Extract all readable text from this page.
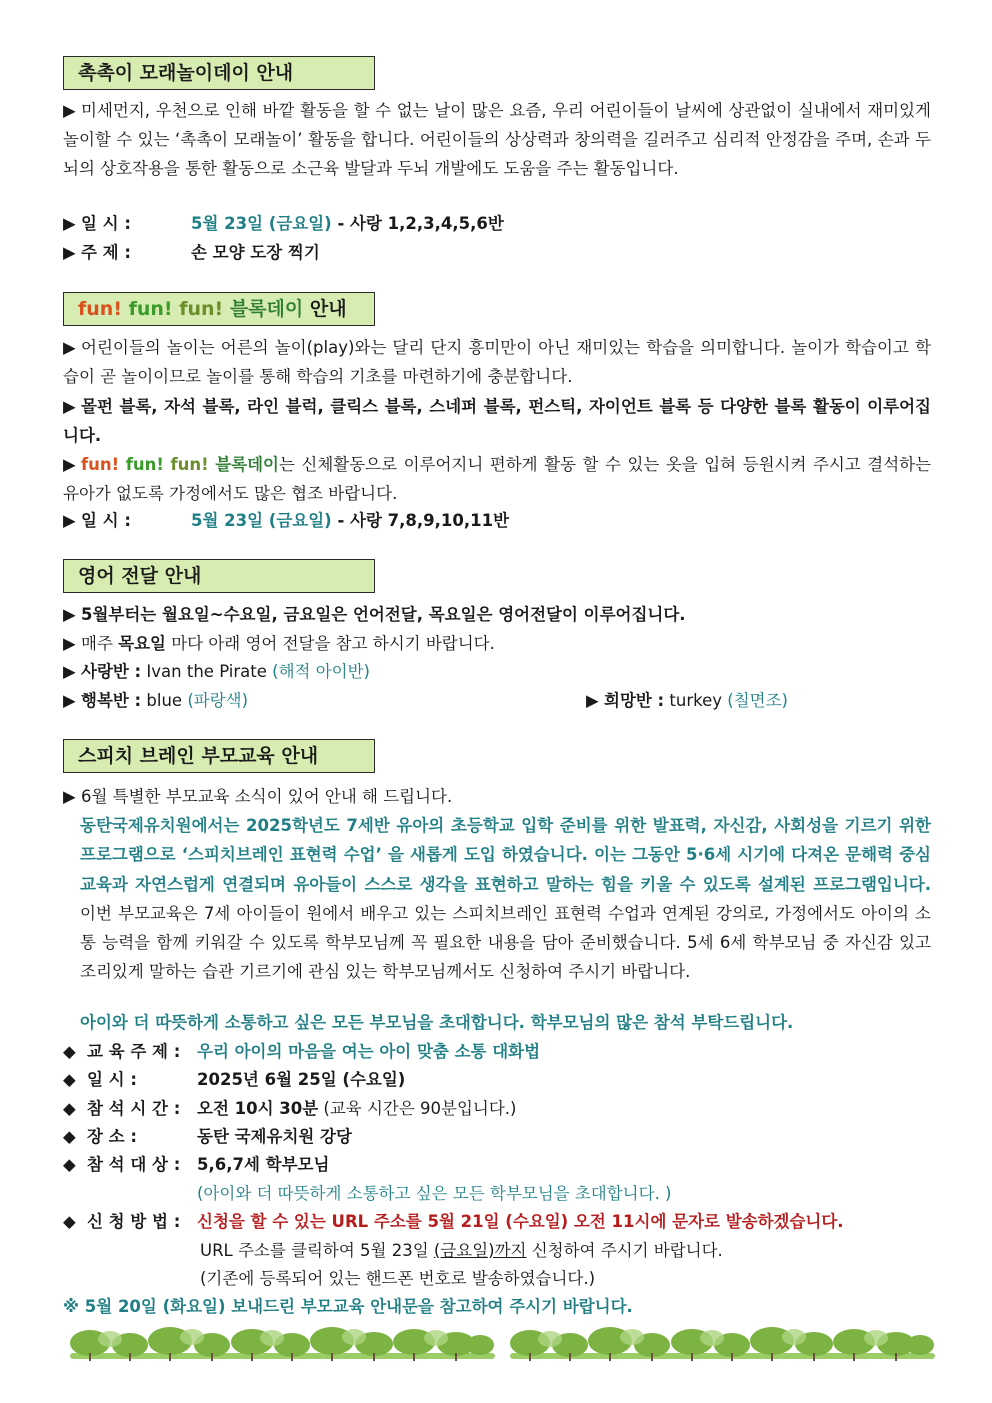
촉촉이 모래놀이데이 안내
▶ 미세먼지, 우천으로 인해 바깥 활동을 할 수 없는 날이 많은 요즘, 우리 어린이들이 날씨에 상관없이 실내에서 재미있게 놀이할 수 있는 ‘촉촉이 모래놀이’ 활동을 합니다. 어린이들의 상상력과 창의력을 길러주고 심리적 안정감을 주며, 손과 두뇌의 상호작용을 통한 활동으로 소근육 발달과 두뇌 개발에도 도움을 주는 활동입니다.
▶ 일 시 :	5월 23일 (금요일) - 사랑 1,2,3,4,5,6반
▶ 주 제 :	손 모양 도장 찍기
fun! fun! fun! 블록데이 안내
▶ 어린이들의 놀이는 어른의 놀이(play)와는 달리 단지 흥미만이 아닌 재미있는 학습을 의미합니다. 놀이가 학습이고 학습이 곧 놀이이므로 놀이를 통해 학습의 기초를 마련하기에 충분합니다.
▶ 몰펀 블록, 자석 블록, 라인 블럭, 클릭스 블록, 스네퍼 블록, 펀스틱, 자이언트 블록 등 다양한 블록 활동이 이루어집니다.
▶ fun! fun! fun! 블록데이는 신체활동으로 이루어지니 편하게 활동 할 수 있는 옷을 입혀 등원시켜 주시고 결석하는 유아가 없도록 가정에서도 많은 협조 바랍니다.
▶ 일 시 :	5월 23일 (금요일) - 사랑 7,8,9,10,11반
영어 전달 안내
▶ 5월부터는 월요일~수요일, 금요일은 언어전달, 목요일은 영어전달이 이루어집니다.
▶ 매주 목요일 마다 아래 영어 전달을 참고 하시기 바랍니다.
▶ 사랑반 : Ivan the Pirate (해적 아이반)
▶ 행복반 : blue (파랑색)	▶ 희망반 : turkey (칠면조)
스피치 브레인 부모교육 안내
▶ 6월 특별한 부모교육 소식이 있어 안내 해 드립니다.
동탄국제유치원에서는 2025학년도 7세반 유아의 초등학교 입학 준비를 위한 발표력, 자신감, 사회성을 기르기 위한 프로그램으로 ‘스피치브레인 표현력 수업’ 을 새롭게 도입 하였습니다. 이는 그동안 5·6세 시기에 다져온 문해력 중심 교육과 자연스럽게 연결되며 유아들이 스스로 생각을 표현하고 말하는 힘을 키울 수 있도록 설계된 프로그램입니다. 이번 부모교육은 7세 아이들이 원에서 배우고 있는 스피치브레인 표현력 수업과 연계된 강의로, 가정에서도 아이의 소통 능력을 함께 키워갈 수 있도록 학부모님께 꼭 필요한 내용을 담아 준비했습니다. 5세 6세 학부모님 중 자신감 있고 조리있게 말하는 습관 기르기에 관심 있는 학부모님께서도 신청하여 주시기 바랍니다.
아이와 더 따뜻하게 소통하고 싶은 모든 부모님을 초대합니다. 학부모님의 많은 참석 부탁드립니다.
◆ 교 육 주 제 : 우리 아이의 마음을 여는 아이 맞춤 소통 대화법
◆ 일 시 :	2025년 6월 25일 (수요일)
◆ 참 석 시 간 : 오전 10시 30분 (교육 시간은 90분입니다.)
◆ 장 소 :	동탄 국제유치원 강당
◆ 참 석 대 상 : 5,6,7세 학부모님
(아이와 더 따뜻하게 소통하고 싶은 모든 학부모님을 초대합니다. )
◆ 신 청 방 법 : 신청을 할 수 있는 URL 주소를 5월 21일 (수요일) 오전 11시에 문자로 발송하겠습니다.
URL 주소를 클릭하여 5월 23일 (금요일)까지 신청하여 주시기 바랍니다.
(기존에 등록되어 있는 핸드폰 번호로 발송하였습니다.)
※ 5월 20일 (화요일) 보내드린 부모교육 안내문을 참고하여 주시기 바랍니다.
